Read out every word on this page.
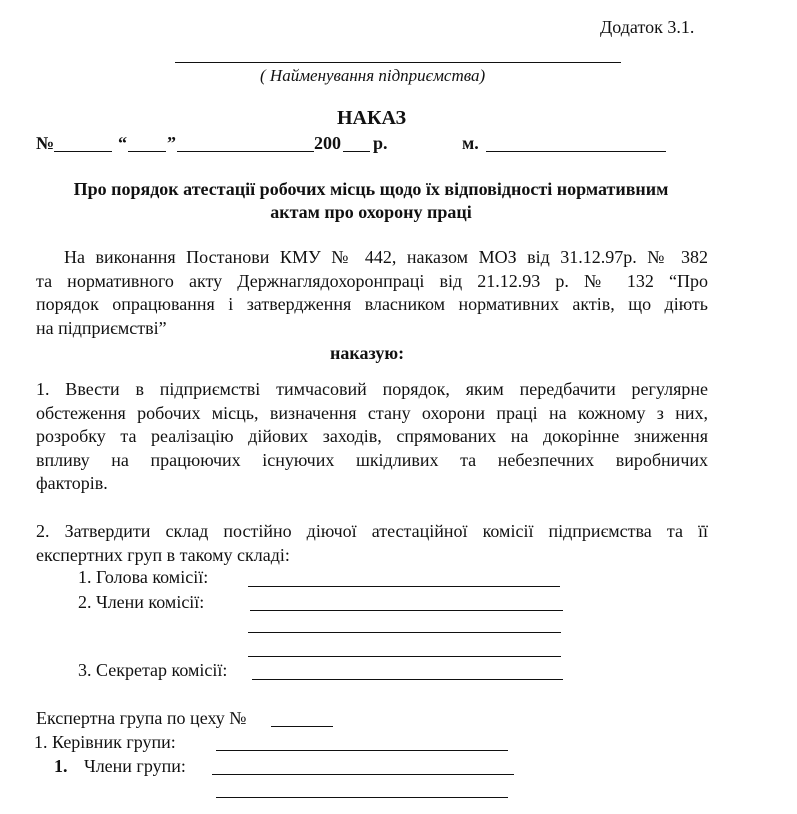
Додаток 3.1.
( Найменування підприємства)
НАКАЗ
№	“ ”	200 р.	м.
Про порядок атестації робочих місць щодо їх відповідності нормативним
актам про охорону праці
На виконання Постанови КМУ № 442, наказом МОЗ від 31.12.97р. № 382
та нормативного акту Держнаглядохоронпраці від 21.12.93 р. № 132 “Про
порядок опрацювання і затвердження власником нормативних актів, що діють
на підприємстві”
наказую:
1. Ввести в підприємстві тимчасовий порядок, яким передбачити регулярне
обстеження робочих місць, визначення стану охорони праці на кожному з них,
розробку та реалізацію дійових заходів, спрямованих на докорінне зниження
впливу на працюючих існуючих шкідливих та небезпечних виробничих
факторів.
2. Затвердити склад постійно діючої атестаційної комісії підприємства та її
експертних груп в такому складі:
1. Голова комісії:
2. Члени комісії:
3. Секретар комісії:
Експертна група по цеху №
1. Керівник групи:
1. Члени групи:
